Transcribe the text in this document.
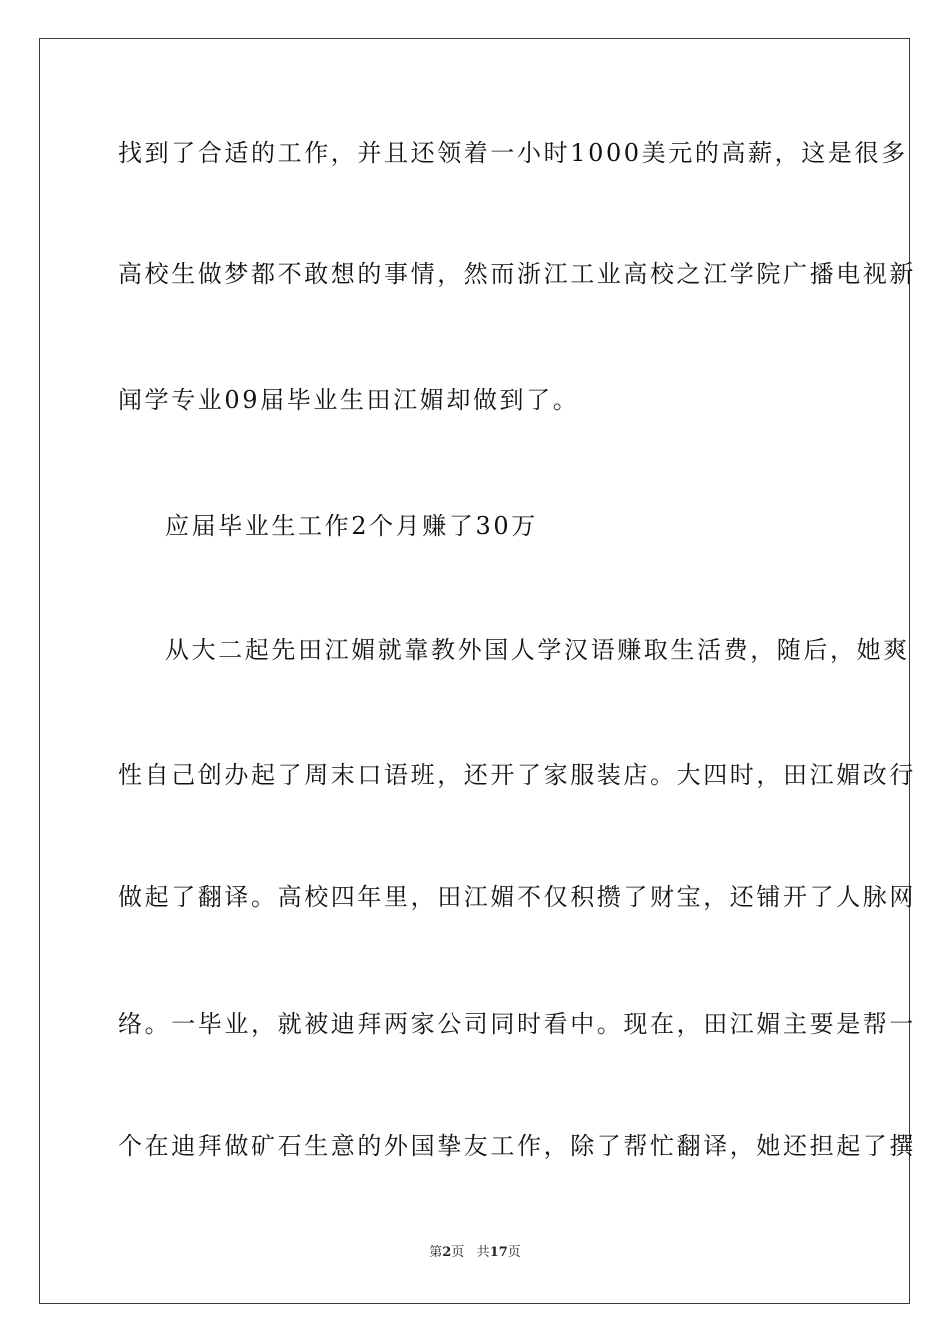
找到了合适的工作，并且还领着一小时1000美元的高薪，这是很多
高校生做梦都不敢想的事情，然而浙江工业高校之江学院广播电视新
闻学专业09届毕业生田江媚却做到了。
应届毕业生工作2个月赚了30万
从大二起先田江媚就靠教外国人学汉语赚取生活费，随后，她爽
性自己创办起了周末口语班，还开了家服装店。大四时，田江媚改行
做起了翻译。高校四年里，田江媚不仅积攒了财宝，还铺开了人脉网
络。一毕业，就被迪拜两家公司同时看中。现在，田江媚主要是帮一
个在迪拜做矿石生意的外国挚友工作，除了帮忙翻译，她还担起了撰
第2页 共17页
